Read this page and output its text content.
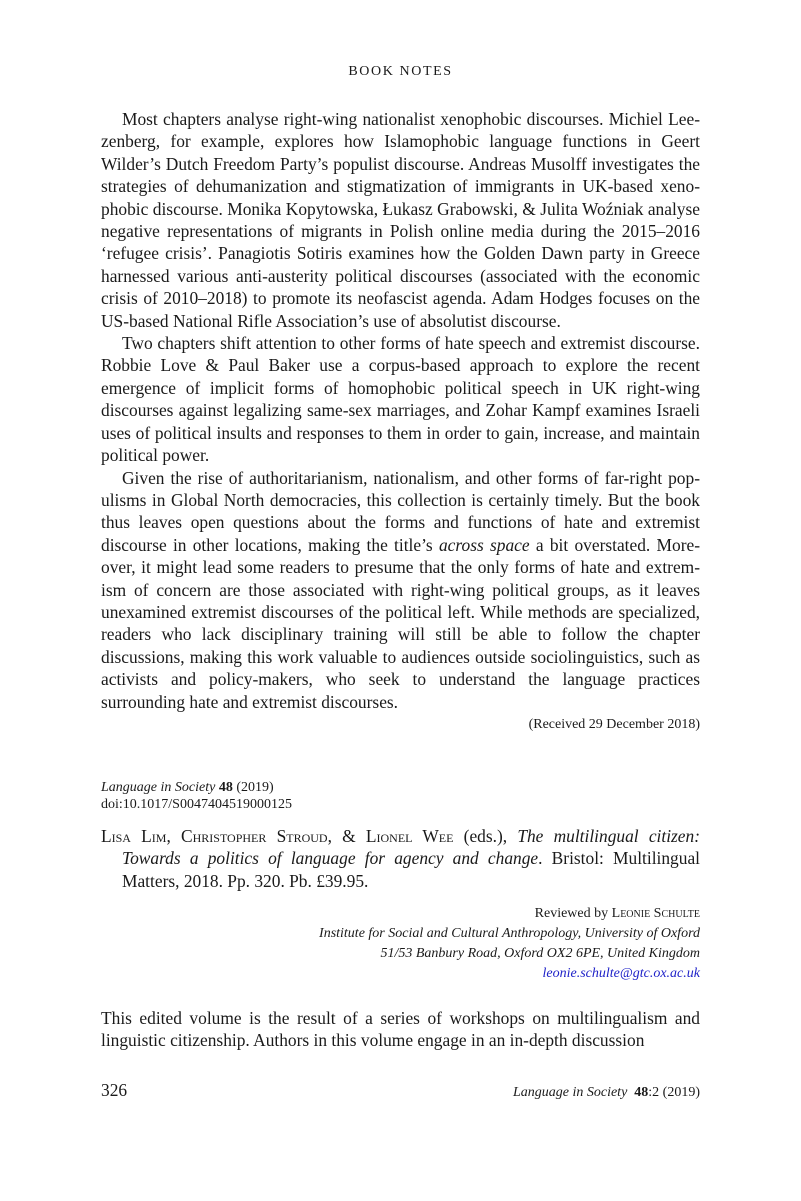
BOOK NOTES

Most chapters analyse right-wing nationalist xenophobic discourses. Michiel Leezenberg, for example, explores how Islamophobic language functions in Geert Wilder’s Dutch Freedom Party’s populist discourse. Andreas Musolff investigates the strategies of dehumanization and stigmatization of immigrants in UK-based xenophobic discourse. Monika Kopytowska, Łukasz Grabowski, & Julita Woźniak analyse negative representations of migrants in Polish online media during the 2015–2016 ‘refugee crisis’. Panagiotis Sotiris examines how the Golden Dawn party in Greece harnessed various anti-austerity political discourses (associated with the economic crisis of 2010–2018) to promote its neofascist agenda. Adam Hodges focuses on the US-based National Rifle Association’s use of absolutist discourse.

Two chapters shift attention to other forms of hate speech and extremist discourse. Robbie Love & Paul Baker use a corpus-based approach to explore the recent emergence of implicit forms of homophobic political speech in UK right-wing discourses against legalizing same-sex marriages, and Zohar Kampf examines Israeli uses of political insults and responses to them in order to gain, increase, and maintain political power.

Given the rise of authoritarianism, nationalism, and other forms of far-right populisms in Global North democracies, this collection is certainly timely. But the book thus leaves open questions about the forms and functions of hate and extremist discourse in other locations, making the title’s across space a bit overstated. Moreover, it might lead some readers to presume that the only forms of hate and extremism of concern are those associated with right-wing political groups, as it leaves unexamined extremist discourses of the political left. While methods are specialized, readers who lack disciplinary training will still be able to follow the chapter discussions, making this work valuable to audiences outside sociolinguistics, such as activists and policy-makers, who seek to understand the language practices surrounding hate and extremist discourses.

(Received 29 December 2018)
Language in Society 48 (2019)
doi:10.1017/S0047404519000125
Lisa Lim, Christopher Stroud, & Lionel Wee (eds.), The multilingual citizen: Towards a politics of language for agency and change. Bristol: Multilingual Matters, 2018. Pp. 320. Pb. £39.95.
Reviewed by Leonie Schulte
Institute for Social and Cultural Anthropology, University of Oxford
51/53 Banbury Road, Oxford OX2 6PE, United Kingdom
leonie.schulte@gtc.ox.ac.uk

This edited volume is the result of a series of workshops on multilingualism and linguistic citizenship. Authors in this volume engage in an in-depth discussion

326	Language in Society 48:2 (2019)
